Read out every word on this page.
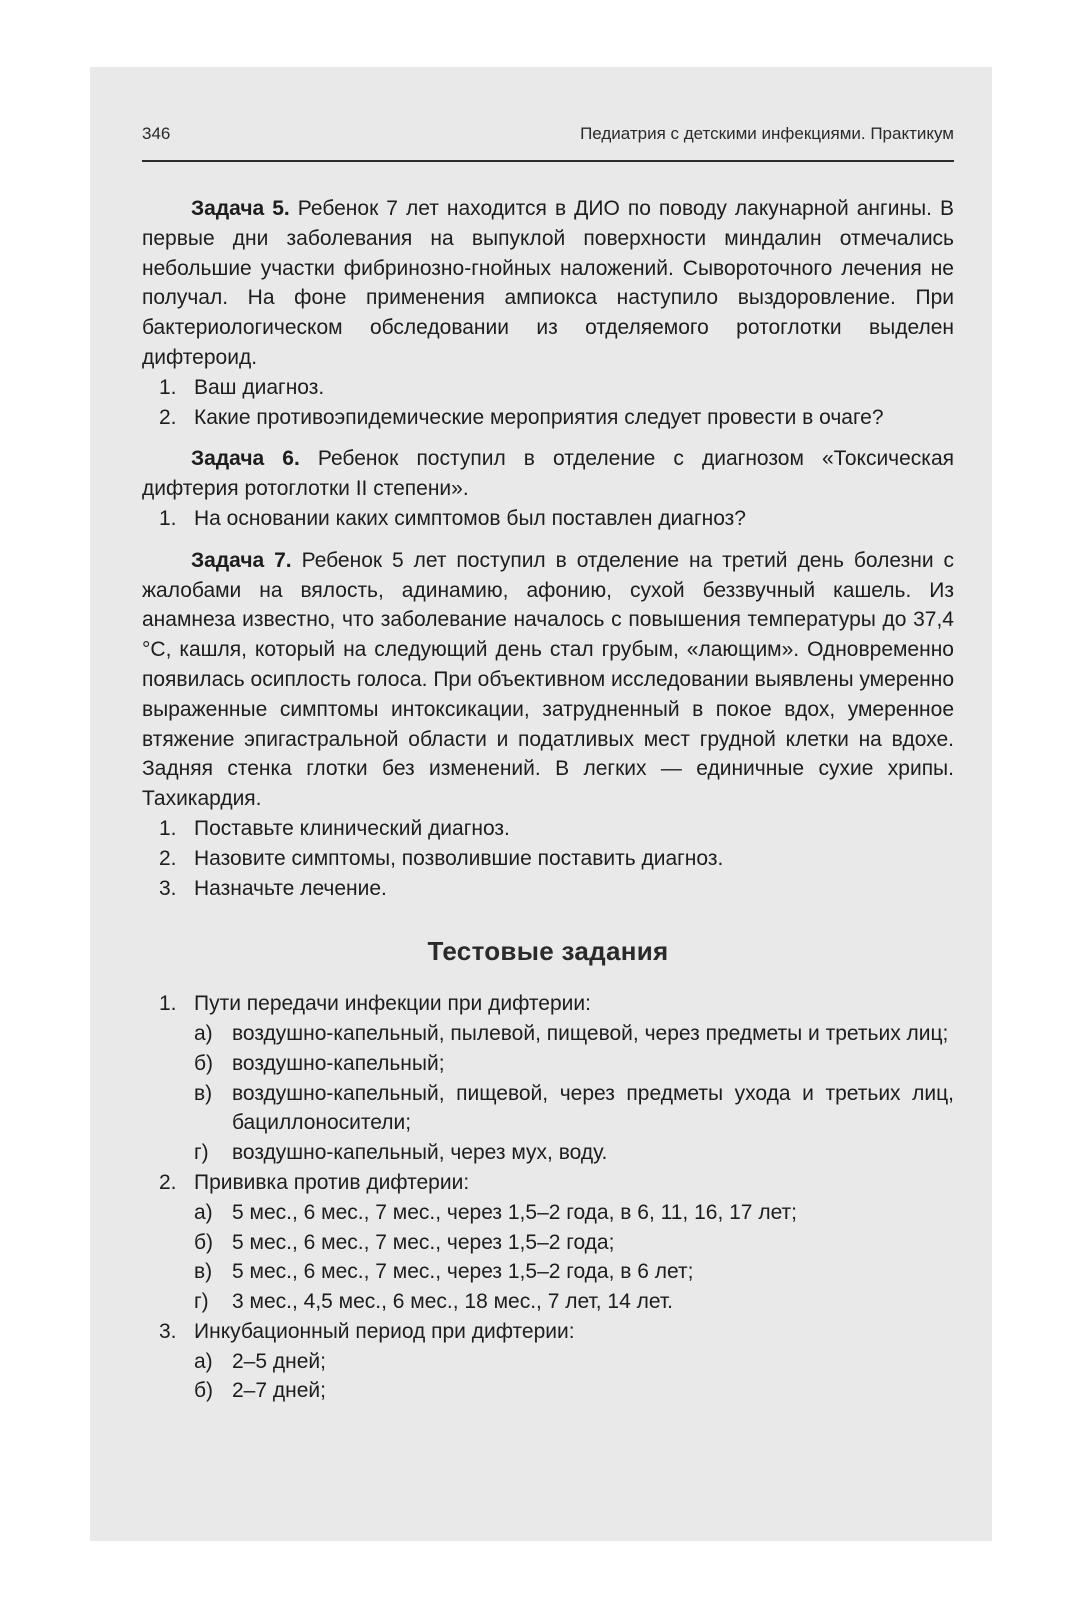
346	Педиатрия с детскими инфекциями. Практикум

Задача 5. Ребенок 7 лет находится в ДИО по поводу лакунарной ангины. В первые дни заболевания на выпуклой поверхности миндалин отмечались небольшие участки фибринозно-гнойных наложений. Сывороточного лечения не получал. На фоне применения ампиокса наступило выздоровление. При бактериологическом обследовании из отделяемого ротоглотки выделен дифтероид.

1. Ваш диагноз.
2. Какие противоэпидемические мероприятия следует провести в очаге?

Задача 6. Ребенок поступил в отделение с диагнозом «Токсическая дифтерия ротоглотки II степени».

1. На основании каких симптомов был поставлен диагноз?

Задача 7. Ребенок 5 лет поступил в отделение на третий день болезни с жалобами на вялость, адинамию, афонию, сухой беззвучный кашель. Из анамнеза известно, что заболевание началось с повышения температуры до 37,4 °С, кашля, который на следующий день стал грубым, «лающим». Одновременно появилась осиплость голоса. При объективном исследовании выявлены умеренно выраженные симптомы интоксикации, затрудненный в покое вдох, умеренное втяжение эпигастральной области и податливых мест грудной клетки на вдохе. Задняя стенка глотки без изменений. В легких — единичные сухие хрипы. Тахикардия.

1. Поставьте клинический диагноз.
2. Назовите симптомы, позволившие поставить диагноз.
3. Назначьте лечение.
Тестовые задания
1. Пути передачи инфекции при дифтерии:
а) воздушно-капельный, пылевой, пищевой, через предметы и третьих лиц;
б) воздушно-капельный;
в) воздушно-капельный, пищевой, через предметы ухода и третьих лиц, бациллоносители;
г) воздушно-капельный, через мух, воду.
2. Прививка против дифтерии:
а) 5 мес., 6 мес., 7 мес., через 1,5–2 года, в 6, 11, 16, 17 лет;
б) 5 мес., 6 мес., 7 мес., через 1,5–2 года;
в) 5 мес., 6 мес., 7 мес., через 1,5–2 года, в 6 лет;
г) 3 мес., 4,5 мес., 6 мес., 18 мес., 7 лет, 14 лет.
3. Инкубационный период при дифтерии:
а) 2–5 дней;
б) 2–7 дней;
